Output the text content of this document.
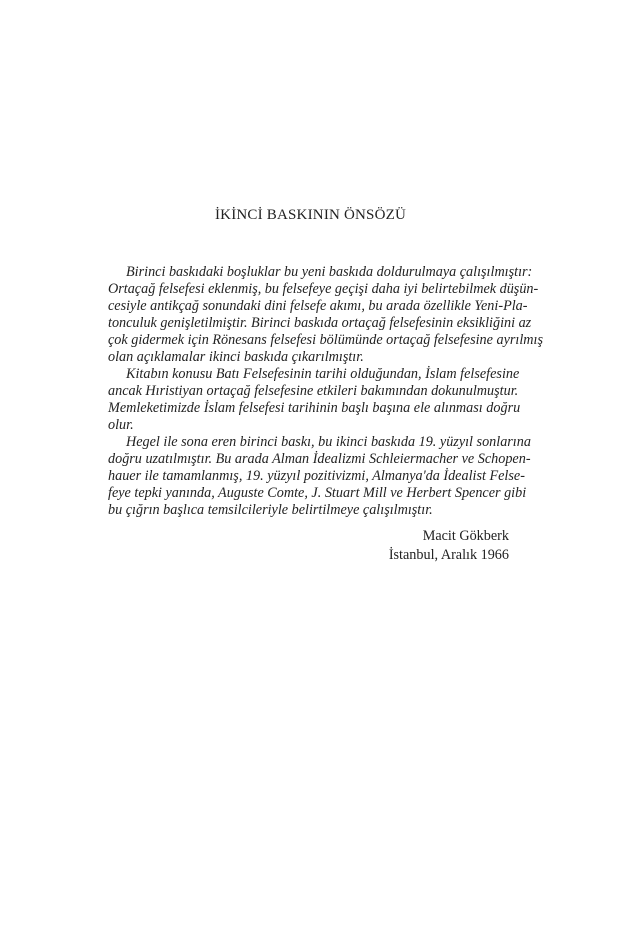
İKİNCİ BASKININ ÖNSÖZÜ

Birinci baskıdaki boşluklar bu yeni baskıda doldurulmaya çalışılmıştır:
Ortaçağ felsefesi eklenmiş, bu felsefeye geçişi daha iyi belirtebilmek düşün-
cesiyle antikçağ sonundaki dini felsefe akımı, bu arada özellikle Yeni-Pla-
tonculuk genişletilmiştir. Birinci baskıda ortaçağ felsefesinin eksikliğini az
çok gidermek için Rönesans felsefesi bölümünde ortaçağ felsefesine ayrılmış
olan açıklamalar ikinci baskıda çıkarılmıştır.

Kitabın konusu Batı Felsefesinin tarihi olduğundan, İslam felsefesine
ancak Hıristiyan ortaçağ felsefesine etkileri bakımından dokunulmuştur.
Memleketimizde İslam felsefesi tarihinin başlı başına ele alınması doğru
olur.

Hegel ile sona eren birinci baskı, bu ikinci baskıda 19. yüzyıl sonlarına
doğru uzatılmıştır. Bu arada Alman İdealizmi Schleiermacher ve Schopen-
hauer ile tamamlanmış, 19. yüzyıl pozitivizmi, Almanya'da İdealist Felse-
feye tepki yanında, Auguste Comte, J. Stuart Mill ve Herbert Spencer gibi
bu çığrın başlıca temsilcileriyle belirtilmeye çalışılmıştır.

Macit Gökberk
İstanbul, Aralık 1966
